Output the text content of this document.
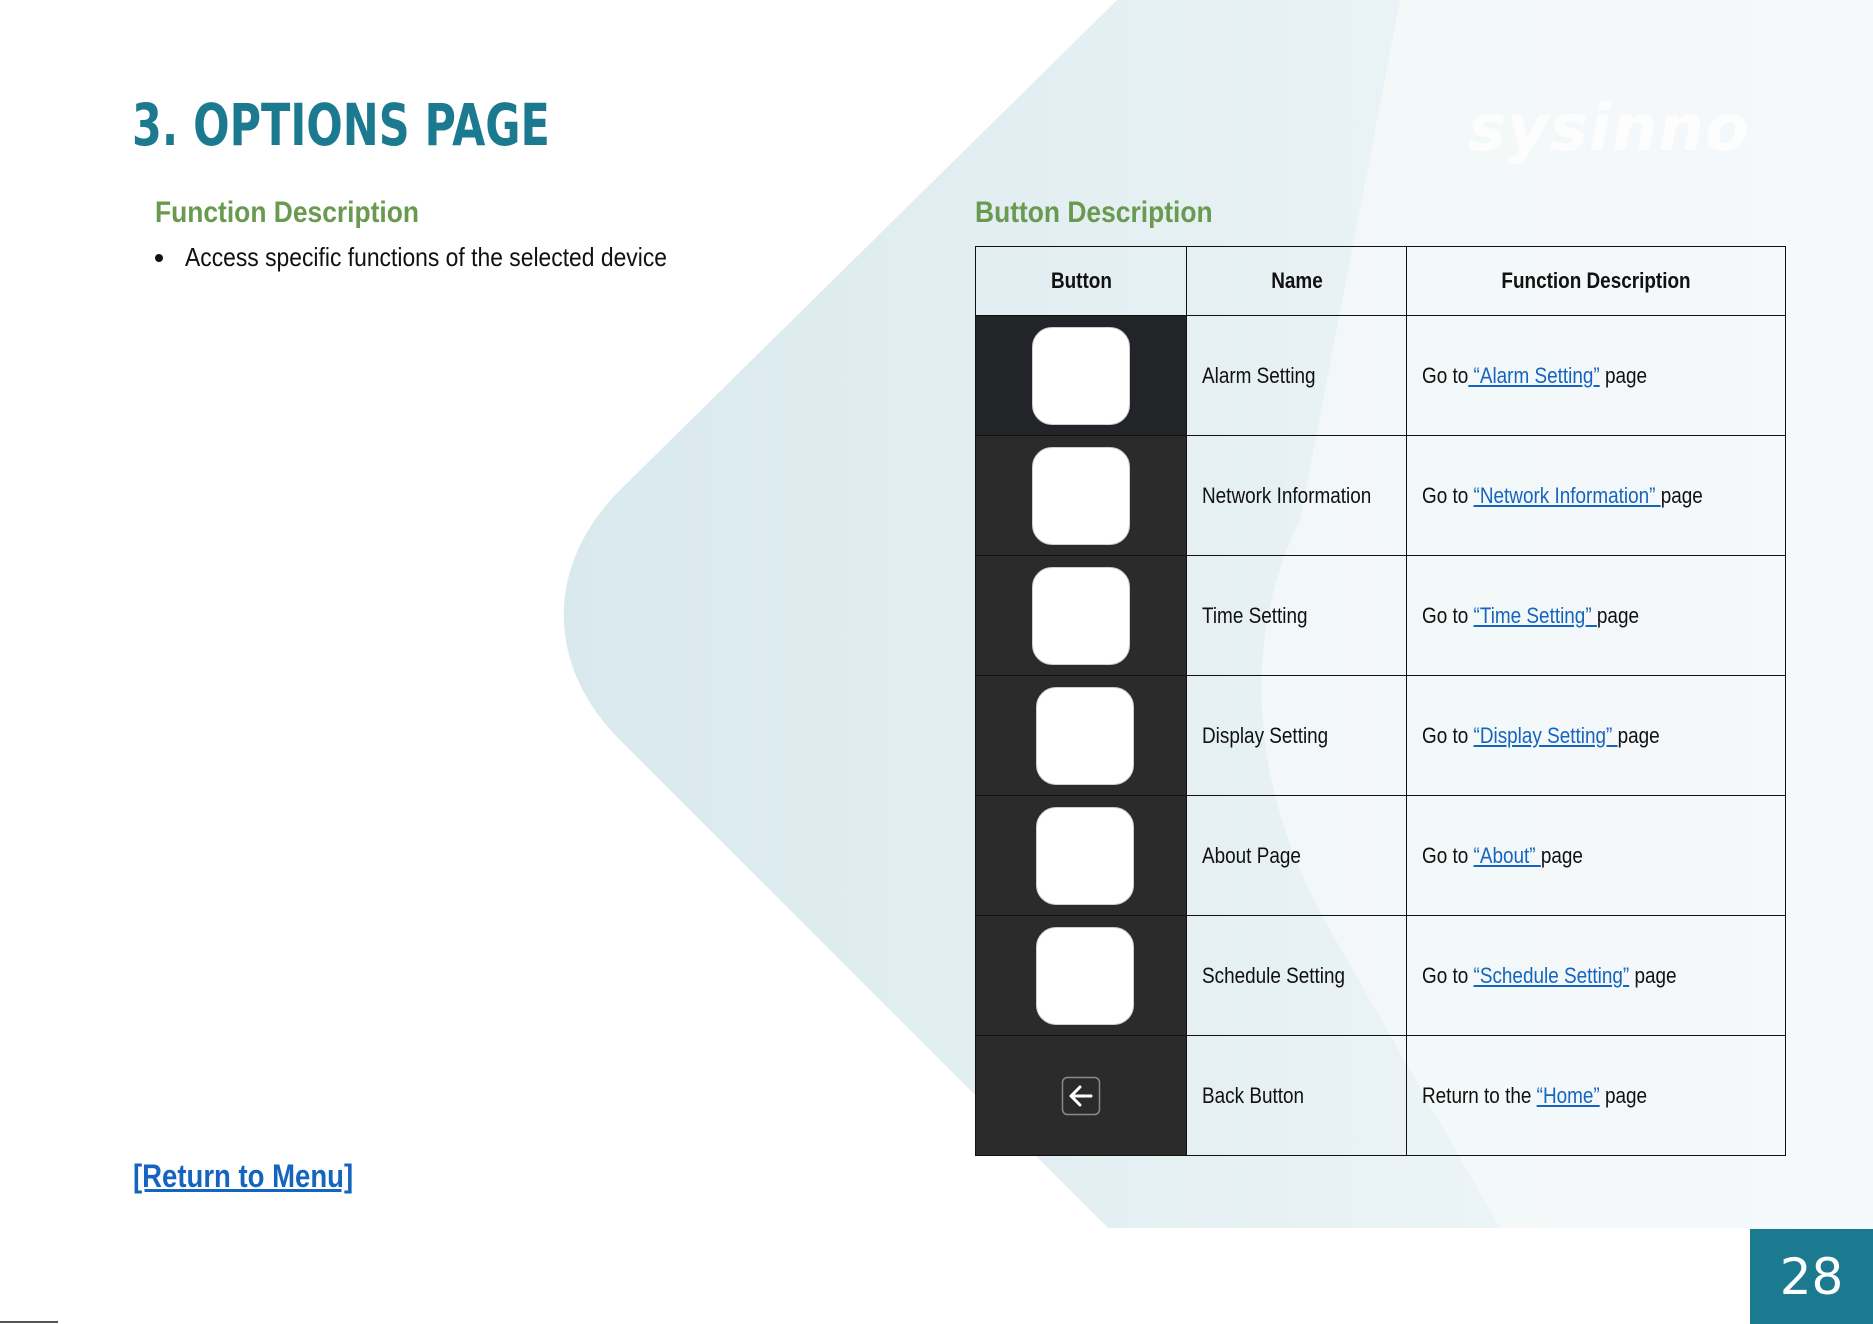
sysinno
3. OPTIONS PAGE
Function Description
Access specific functions of the selected device
Button Description
Button	Name	Function Description
	Alarm Setting	Go to “Alarm Setting” page
	Network Information	Go to “Network Information” page
	Time Setting	Go to “Time Setting” page
	Display Setting	Go to “Display Setting” page
	About Page	Go to “About” page
	Schedule Setting	Go to “Schedule Setting” page
	Back Button	Return to the “Home” page
[Return to Menu]
28
